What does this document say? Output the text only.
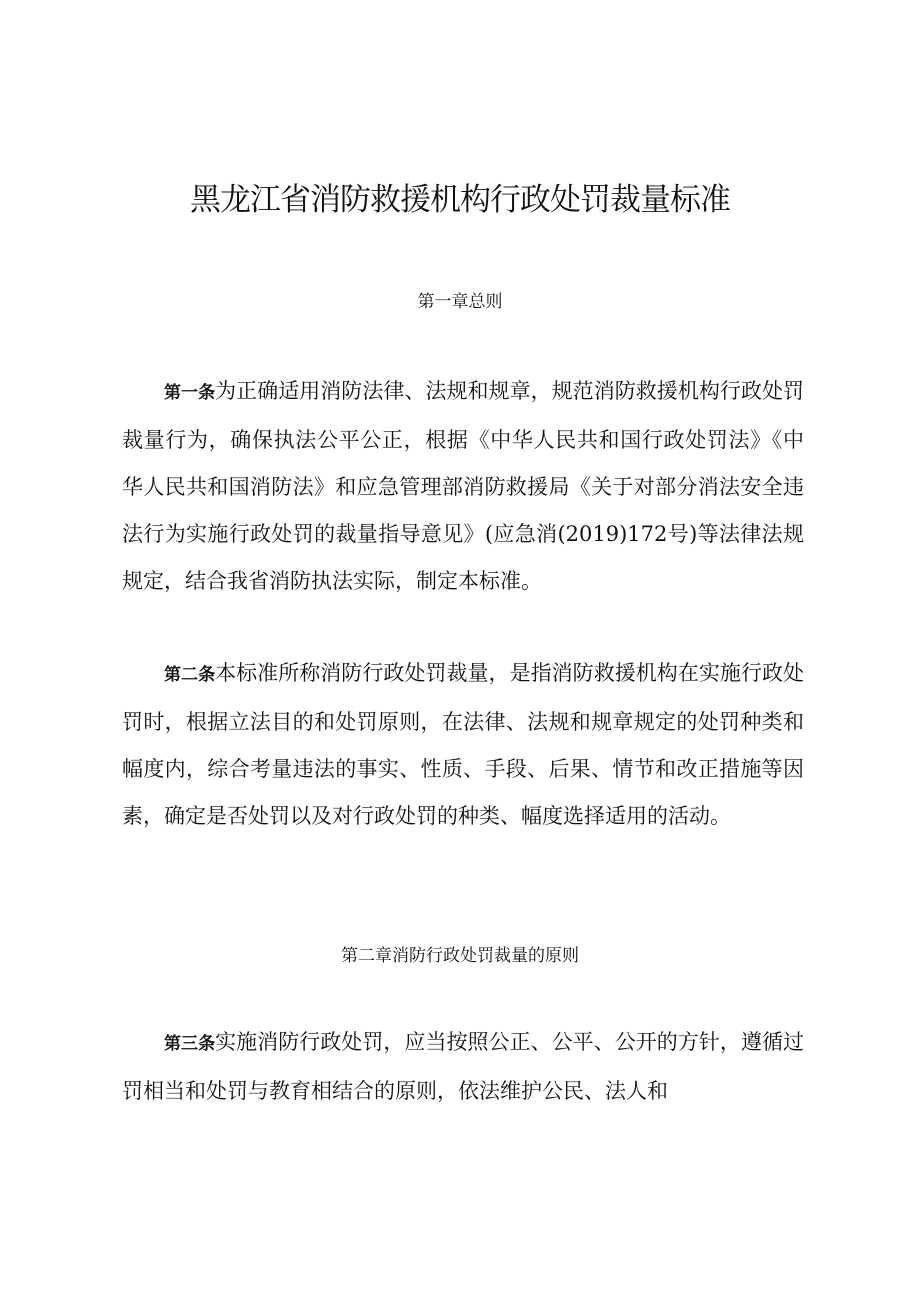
黑龙江省消防救援机构行政处罚裁量标准
第一章总则

第一条为正确适用消防法律、法规和规章，规范消防救援机构行政处罚裁量行为，确保执法公平公正，根据《中华人民共和国行政处罚法》《中华人民共和国消防法》和应急管理部消防救援局《关于对部分消法安全违法行为实施行政处罚的裁量指导意见》(应急消(2019)172号)等法律法规规定，结合我省消防执法实际，制定本标准。

第二条本标准所称消防行政处罚裁量，是指消防救援机构在实施行政处罚时，根据立法目的和处罚原则，在法律、法规和规章规定的处罚种类和幅度内，综合考量违法的事实、性质、手段、后果、情节和改正措施等因素，确定是否处罚以及对行政处罚的种类、幅度选择适用的活动。

第二章消防行政处罚裁量的原则

第三条实施消防行政处罚，应当按照公正、公平、公开的方针，遵循过罚相当和处罚与教育相结合的原则，依法维护公民、法人和
